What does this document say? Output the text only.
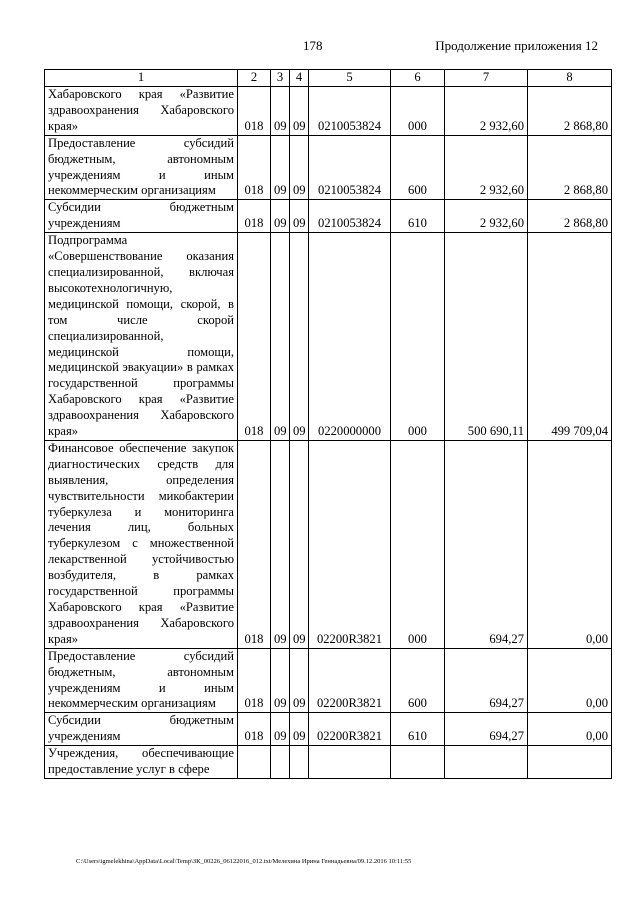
178	Продолжение приложения 12
1	2	3	4	5	6	7	8
Хабаровского края «Развитие здравоохранения Хабаровского края»	018	09	09	0210053824	000	2 932,60	2 868,80
Предоставление субсидий бюджетным, автономным учреждениям и иным некоммерческим организациям	018	09	09	0210053824	600	2 932,60	2 868,80
Субсидии бюджетным учреждениям	018	09	09	0210053824	610	2 932,60	2 868,80
Подпрограмма «Совершенствование оказания специализированной, включая высокотехнологичную, медицинской помощи, скорой, в том числе скорой специализированной, медицинской помощи, медицинской эвакуации» в рамках государственной программы Хабаровского края «Развитие здравоохранения Хабаровского края»	018	09	09	0220000000	000	500 690,11	499 709,04
Финансовое обеспечение закупок диагностических средств для выявления, определения чувствительности микобактерии туберкулеза и мониторинга лечения лиц, больных туберкулезом с множественной лекарственной устойчивостью возбудителя, в рамках государственной программы Хабаровского края «Развитие здравоохранения Хабаровского края»	018	09	09	02200R3821	000	694,27	0,00
Предоставление субсидий бюджетным, автономным учреждениям и иным некоммерческим организациям	018	09	09	02200R3821	600	694,27	0,00
Субсидии бюджетным учреждениям	018	09	09	02200R3821	610	694,27	0,00
Учреждения, обеспечивающие предоставление услуг в сфере							
C:\Users\igmelekhina\AppData\Local\Temp\ЗК_00226_06122016_012.txt/Мелехина Ирина Геннадьевна/09.12.2016 10:11:55
